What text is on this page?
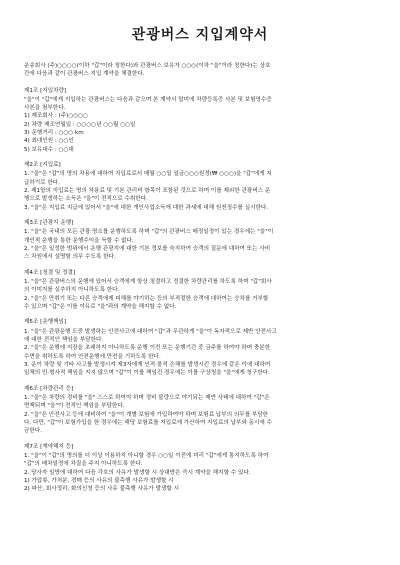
관광버스 지입계약서
운송회사 (주)○○○○(이하 "갑"이라 칭한다)와 관광버스 보유자 ○○○(이하 "을"이라 칭한다)는 상호
간에 다음과 같이 관광버스 지입 계약을 체결한다.
제1조 [지입차량]
"을"이 "갑"에게 지입하는 관광버스는 다음과 같으며 본 계약서 말미에 차량등록증 사본 및 보험영수증
사본을 첨부한다.
1) 제조회사 : (주)○○○○
2) 차량 제조연월일 : ○○○○년 ○○월 ○○일
3) 운행거리 : ○○○ km
4) 최대인원 : ○○인
5) 보유대수 : ○○대
제2조 [지입료]
1. "을"은 "갑"의 명의 차용에 대하여 지입료로서 매월 ○○일 일금○○○원정(₩ ○○○)을 "갑"에게 지
급하기로 한다.
2. 제1항의 지입료는 명의 차용료 및 기본 관리비 항목이 포함된 것으로 하며 이를 제외한 관광버스 운
행으로 발생하는 소득은 "을"이 전적으로 수취한다.
3. "을"은 지입료 지급에 있어서 "을"에 대한 개인사업소득에 대한 과세에 대해 원천징수를 실시한다.
제3조 [관광지 운행]
1. "을"은 국내의 모든 관광 명소를 운행하도록 하며 "갑"의 관광버스 배정일정이 있는 경우에는 "을"이
개인적 운행을 통한 운행수익을 득할 수 없다.
2. "을"은 일정한 범위에서 운행 관광지에 대한 기본 정보를 숙지하여 승객의 질문에 대하여 또는 사비
스 차원에서 설명할 의무 수도록 한다.
제4조 [청결 및 정결]
1. "을"은 관광버스의 운행에 있어서 승객에게 항상 청결하고 정결한 차량관리를 하도록 하며 "갑"회사
의 이미지를 실추하지 아니하도록 한다.
2. "을"은 만취기 또는 다른 승객에게 피해를 야기하는 등의 부적절한 승객에 대하여는 승차를 거부할
수 있으며 "갑"은 이를 이유로 "을"과의 계약을 해지할 수 없다.
제5조 [운행책임]
1. "을"은 관광운행 도중 발생하는 안전사고에 대하여 "갑"과 무관하게 "을"이 독자적으로 제반 안전사고
에 대한 전적인 책임을 부담한다.
2. "을"은 운행에 지장을 초래하지 아니하도록 운행 이전 또는 운행기간 중 금주를 하여야 하며 충분한
수면을 취하도록 하여 안전운행에 만전을 기하도록 한다.
3. 운이 차량 및 기타 사고를 발생시켜 제3자에게 인적·물적 손해를 발생시킨 경우에 같은 이에 대하여
일체의 민·형사적 책임을 지지 않으며 "갑"이 이를 책임진 경우에는 이를 구상청을 "을"에게 청구한다.
제6조 [차량관리 등]
1. "을"은 차량의 경비를 "을" 스스로 하여야 하며 정비 불량으로 야기되는 제반 사태에 대하여 "갑"은
면책되며 "을"이 전적인 책임을 부담한다.
2. "을"은 안전사고 등에 대비하여 "을"이 개별 보험에 가입하여야 하며 보험료 납부의 의무를 부담한
다. 다만, "갑"이 보험가입을 한 경우에는 해당 보험료를 지입료에 가산하여 지입료의 납부와 동시에 수
금한다.
제7조 [계약해지 등]
1. "을"이 "갑"의 명의를 더 이상 이용하지 아니할 경우 ○○일 이전에 미리 "갑"에게 통지하도록 하여
"갑"의 배차일정에 차질을 주지 아니하도록 한다.
2. 당사자 일방에 대하여 다음 각호의 사유가 발생할 시 상대방은 즉시 계약을 해지할 수 있다.
1) 가압류, 가처분, 경매 등의 사유의 불측행 사유가 발생할 시
2) 파산, 회사정리, 화의신청 등의 사유 불측행 사유가 발생할 시
